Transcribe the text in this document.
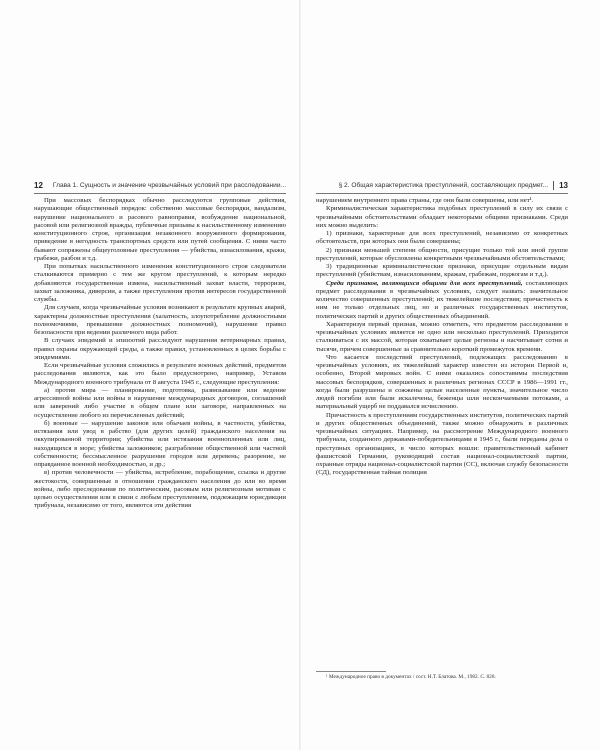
12 Глава 1. Сущность и значение чрезвычайных условий при расследовании...	§ 2. Общая характеристика преступлений, составляющих предмет... 13

При массовых беспорядках обычно расследуются групповые действия, нарушающие общественный порядок: собственно массовые беспорядки, вандализм, нарушение национального и расового равноправия, возбуждение национальной, расовой или религиозной вражды, публичные призывы к насильственному изменению конституционного строя, организация незаконного вооруженного формирования, приведение в негодность транспортных средств или путей сообщения. С ними часто бывают сопряжены общеуголовные преступления — убийства, изнасилования, кражи, грабежи, разбои и т.д.

При попытках насильственного изменения конституционного строя следователи сталкиваются примерно с тем же кругом преступлений, к которым нередко добавляются государственная измена, насильственный захват власти, терроризм, захват заложника, диверсии, а также преступления против интересов государственной службы.

Для случаев, когда чрезвычайные условия возникают в результате крупных аварий, характерны должностные преступления (халатность, злоупотребление должностными полномочиями, превышение должностных полномочий), нарушение правил безопасности при ведении различного вида работ.

В случаях эпидемий и эпизоотий расследуют нарушения ветеринарных правил, правил охраны окружающей среды, а также правил, установленных в целях борьбы с эпидемиями.

Если чрезвычайные условия сложились в результате военных действий, предметом расследования являются, как это было предусмотрено, например, Уставом Международного военного трибунала от 8 августа 1945 г., следующие преступления:

а) против мира — планирование, подготовка, развязывание или ведение агрессивной войны или войны в нарушение международных договоров, соглашений или заверений либо участие в общем плане или заговоре, направленных на осуществление любого из перечисленных действий;

б) военные — нарушение законов или обычаев войны, в частности, убийства, истязания или увод в рабство (для других целей) гражданского населения на оккупированной территории; убийства или истязания военнопленных или лиц, находящихся в море; убийства заложников; разграбление общественной или частной собственности; бессмысленное разрушение городов или деревень; разорение, не оправданное военной необходимостью, и др.;

в) против человечности — убийства, истребление, порабощение, ссылка и другие жестокости, совершенные в отношении гражданского населения до или во время войны, либо преследования по политическим, расовым или религиозным мотивам с целью осуществления или в связи с любым преступлением, подлежащим юрисдикции трибунала, независимо от того, являются эти действия

нарушением внутреннего права страны, где они были совершены, или нет¹.

Криминалистическая характеристика подобных преступлений в силу их связи с чрезвычайными обстоятельствами обладает некоторыми общими признаками. Среди них можно выделить:

1) признаки, характерные для всех преступлений, независимо от конкретных обстоятельств, при которых они были совершены;

2) признаки меньшей степени общности, присущие только той или иной группе преступлений, которые обусловлены конкретными чрезвычайными обстоятельствами;

3) традиционные криминалистические признаки, присущие отдельным видам преступлений (убийствам, изнасилованиям, кражам, грабежам, поджогам и т.д.).

Среди признаков, являющихся общими для всех преступлений, составляющих предмет расследования в чрезвычайных условиях, следует назвать: значительное количество совершенных преступлений; их тяжелейшие последствия; причастность к ним не только отдельных лиц, но и различных государственных институтов, политических партий и других общественных объединений.

Характеризуя первый признак, можно отметить, что предметом расследования в чрезвычайных условиях является не одно или несколько преступлений. Приходится сталкиваться с их массой, которая охватывает целые регионы и насчитывает сотни и тысячи, причем совершенные за сравнительно короткий промежуток времени.

Что касается последствий преступлений, подлежащих расследованию в чрезвычайных условиях, их тяжелейший характер известен из истории Первой и, особенно, Второй мировых войн. С ними оказались сопоставимы последствия массовых беспорядков, совершенных в различных регионах СССР в 1986—1991 гг., когда были разрушены и сожжены целые населенные пункты, значительное число людей погибли или были искалечены, беженцы шли нескончаемыми потоками, а материальный ущерб не поддавался исчислению.

Причастность к преступлениям государственных институтов, политических партий и других общественных объединений, также можно обнаружить в различных чрезвычайных ситуациях. Например, на рассмотрение Международного военного трибунала, созданного державами-победительницами в 1945 г., были переданы дела о преступных организациях, в число которых вошли: правительственный кабинет фашистской Германии, руководящий состав национал-социалистской партии, охранные отряды национал-социалистской партии (СС), включая службу безопасности (СД), государственная тайная полиция

¹ Международное право в документах / сост. Н.Т. Блатова. М., 1982. С. 828.
